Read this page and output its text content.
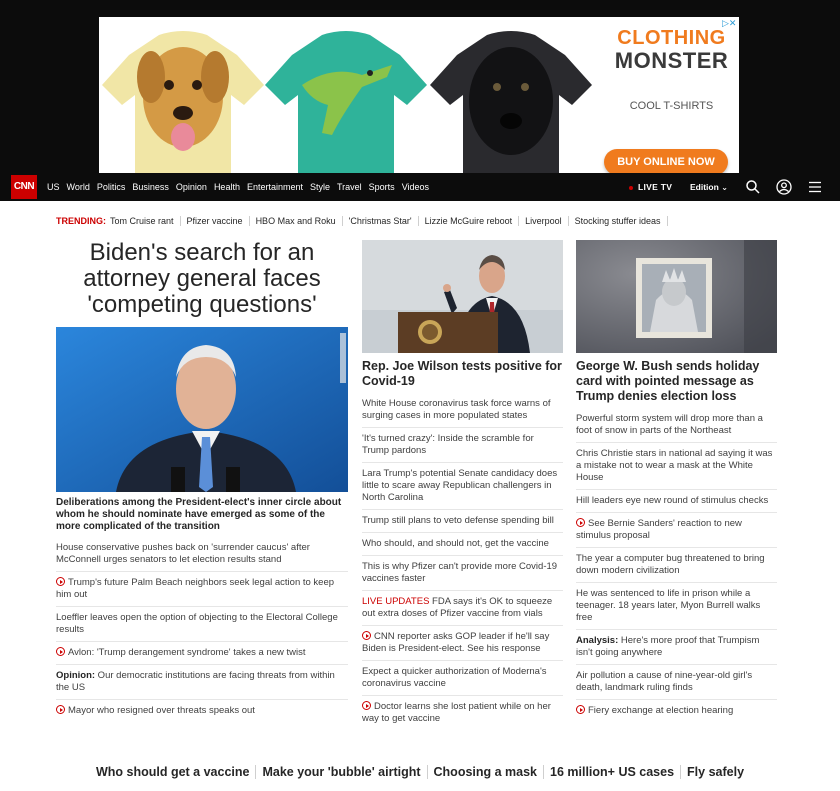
CLOTHING
MONSTER
COOL T-SHIRTS
BUY ONLINE NOW
▷✕
CNN	US World Politics Business Opinion Health Entertainment Style Travel Sports Videos	LIVE TV Edition ⌄
TRENDING: Tom Cruise rant	Pfizer vaccine	HBO Max and Roku	'Christmas Star'	Lizzie McGuire reboot	Liverpool	Stocking stuffer ideas
Biden's search for an attorney general faces 'competing questions'
Deliberations among the President-elect's inner circle about whom he should nominate have emerged as some of the more complicated of the transition
House conservative pushes back on 'surrender caucus' after McConnell urges senators to let election results stand
Trump's future Palm Beach neighbors seek legal action to keep him out
Loeffler leaves open the option of objecting to the Electoral College results
Avlon: 'Trump derangement syndrome' takes a new twist
Opinion: Our democratic institutions are facing threats from within the US
Mayor who resigned over threats speaks out
Rep. Joe Wilson tests positive for Covid-19
White House coronavirus task force warns of surging cases in more populated states
'It's turned crazy': Inside the scramble for Trump pardons
Lara Trump's potential Senate candidacy does little to scare away Republican challengers in North Carolina
Trump still plans to veto defense spending bill
Who should, and should not, get the vaccine
This is why Pfizer can't provide more Covid-19 vaccines faster
LIVE UPDATES FDA says it's OK to squeeze out extra doses of Pfizer vaccine from vials
CNN reporter asks GOP leader if he'll say Biden is President-elect. See his response
Expect a quicker authorization of Moderna's coronavirus vaccine
Doctor learns she lost patient while on her way to get vaccine
George W. Bush sends holiday card with pointed message as Trump denies election loss
Powerful storm system will drop more than a foot of snow in parts of the Northeast
Chris Christie stars in national ad saying it was a mistake not to wear a mask at the White House
Hill leaders eye new round of stimulus checks
See Bernie Sanders' reaction to new stimulus proposal
The year a computer bug threatened to bring down modern civilization
He was sentenced to life in prison while a teenager. 18 years later, Myon Burrell walks free
Analysis: Here's more proof that Trumpism isn't going anywhere
Air pollution a cause of nine-year-old girl's death, landmark ruling finds
Fiery exchange at election hearing
Who should get a vaccine	Make your 'bubble' airtight	Choosing a mask	16 million+ US cases	Fly safely
